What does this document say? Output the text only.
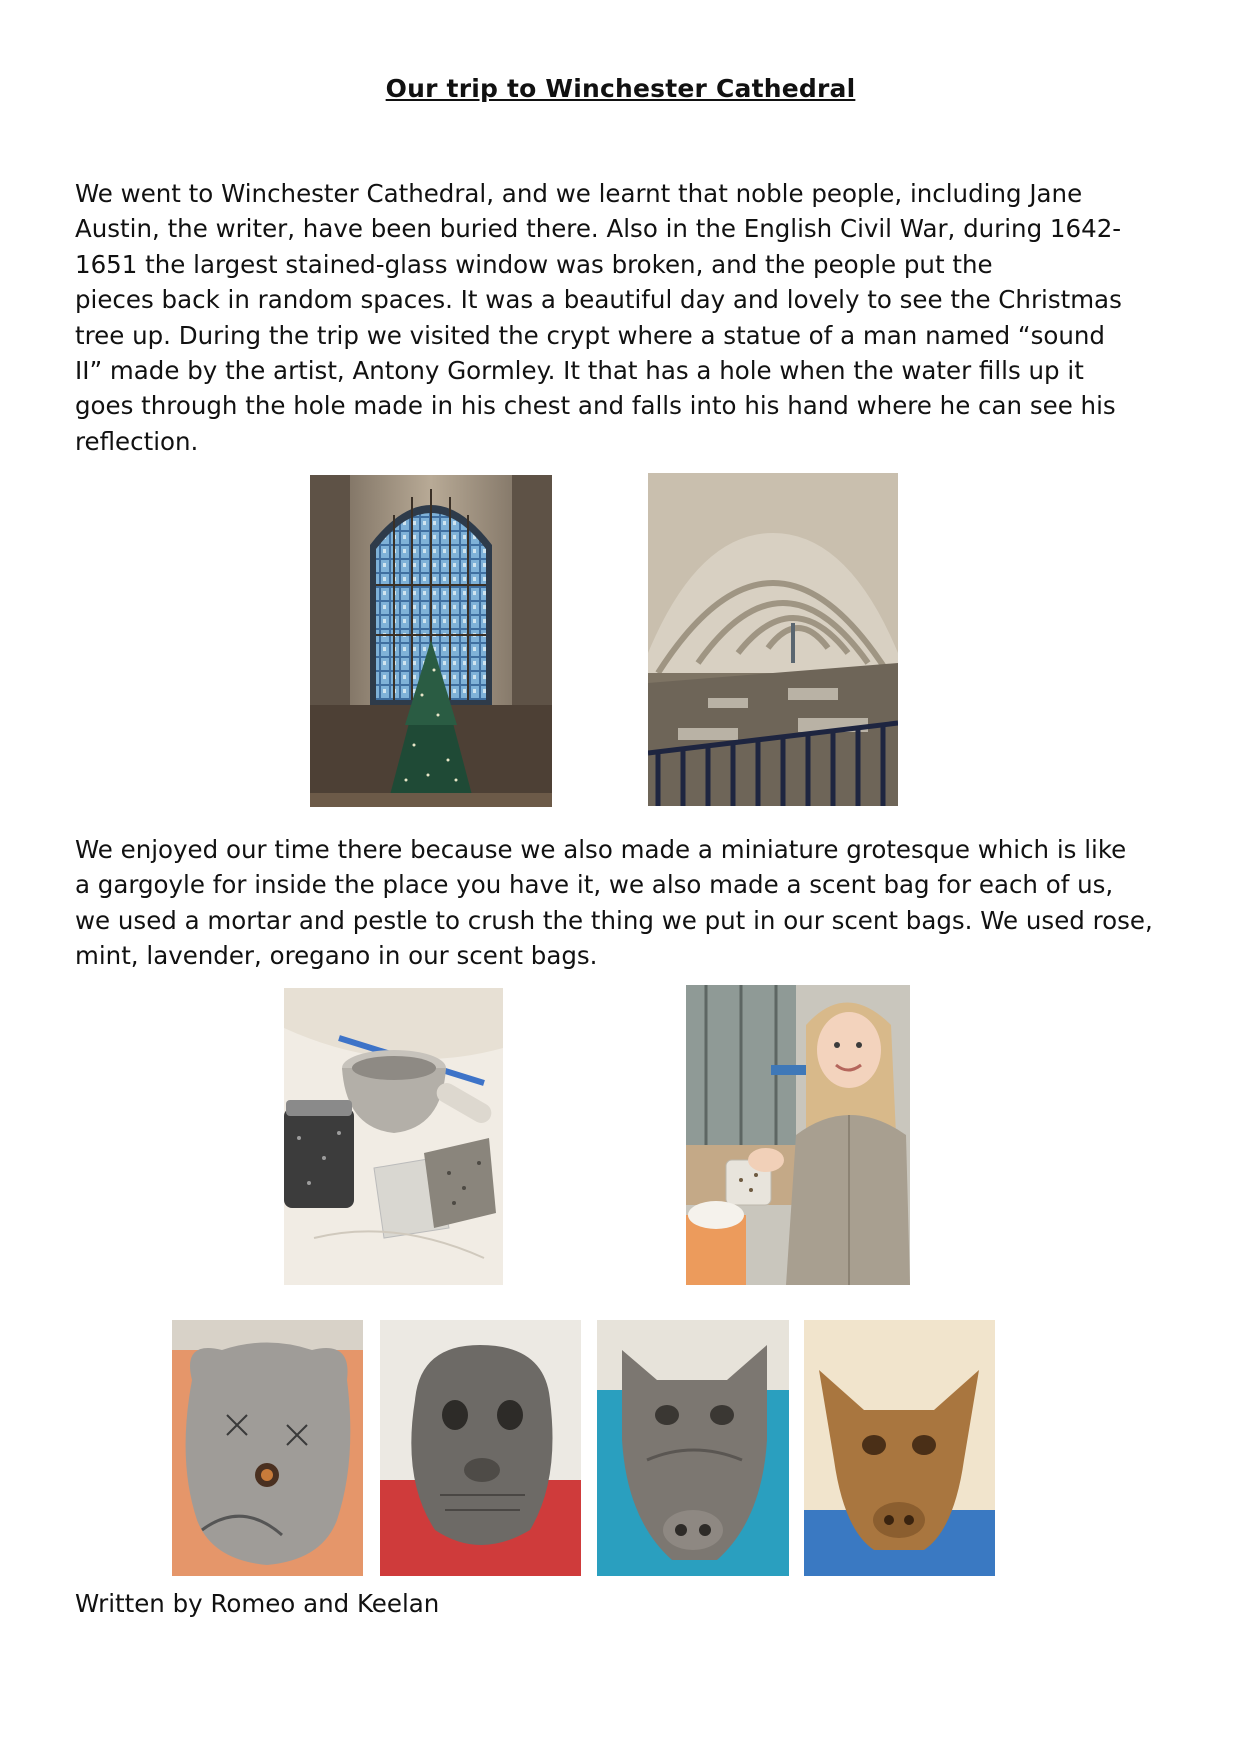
Our trip to Winchester Cathedral
We went to Winchester Cathedral, and we learnt that noble people, including Jane
Austin, the writer, have been buried there. Also in the English Civil War, during 1642-
1651 the largest stained-glass window was broken, and the people put the
pieces back in random spaces. It was a beautiful day and lovely to see the Christmas
tree up. During the trip we visited the crypt where a statue of a man named “sound
II” made by the artist, Antony Gormley. It that has a hole when the water fills up it
goes through the hole made in his chest and falls into his hand where he can see his
reflection.
We enjoyed our time there because we also made a miniature grotesque which is like
a gargoyle for inside the place you have it, we also made a scent bag for each of us,
we used a mortar and pestle to crush the thing we put in our scent bags. We used rose,
mint, lavender, oregano in our scent bags.
Written by Romeo and Keelan
